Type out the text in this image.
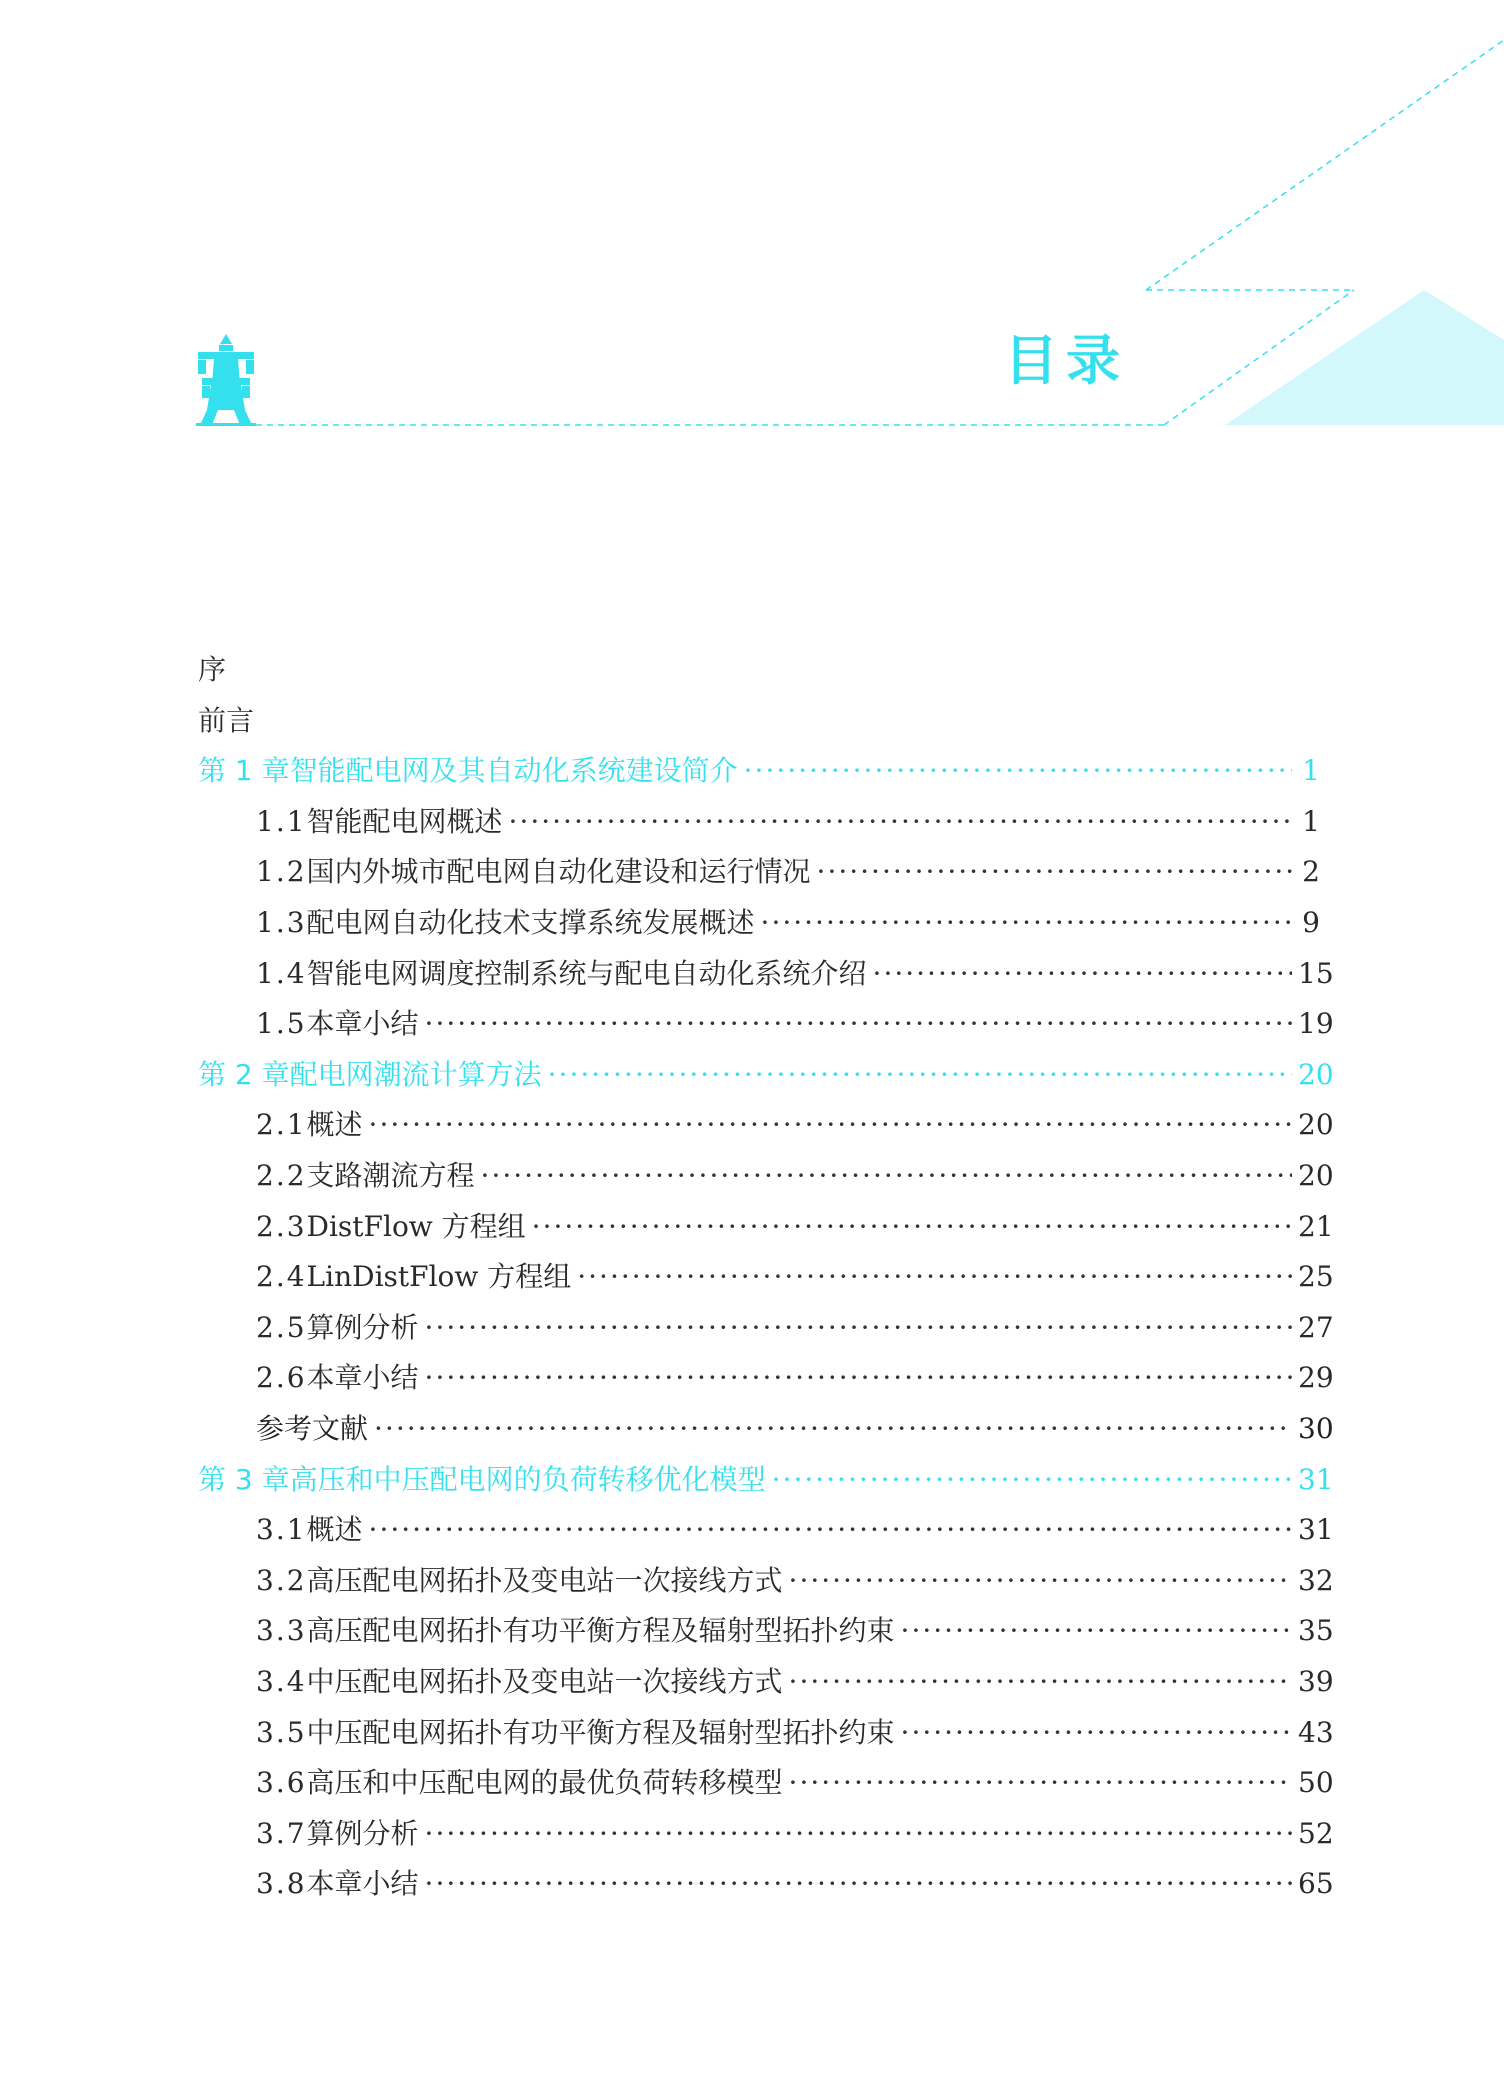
目录
序
前言
第 1 章 智能配电网及其自动化系统建设简介 ·····	1
1.1 智能配电网概述 ·····	1
1.2 国内外城市配电网自动化建设和运行情况 ·····	2
1.3 配电网自动化技术支撑系统发展概述 ·····	9
1.4 智能电网调度控制系统与配电自动化系统介绍 ·····	15
1.5 本章小结 ·····	19
第 2 章 配电网潮流计算方法 ·····	20
2.1 概述 ·····	20
2.2 支路潮流方程 ·····	20
2.3 DistFlow 方程组 ·····	21
2.4 LinDistFlow 方程组 ·····	25
2.5 算例分析 ·····	27
2.6 本章小结 ·····	29
参考文献 ·····	30
第 3 章 高压和中压配电网的负荷转移优化模型 ·····	31
3.1 概述 ·····	31
3.2 高压配电网拓扑及变电站一次接线方式 ·····	32
3.3 高压配电网拓扑有功平衡方程及辐射型拓扑约束 ·····	35
3.4 中压配电网拓扑及变电站一次接线方式 ·····	39
3.5 中压配电网拓扑有功平衡方程及辐射型拓扑约束 ·····	43
3.6 高压和中压配电网的最优负荷转移模型 ·····	50
3.7 算例分析 ·····	52
3.8 本章小结 ·····	65
